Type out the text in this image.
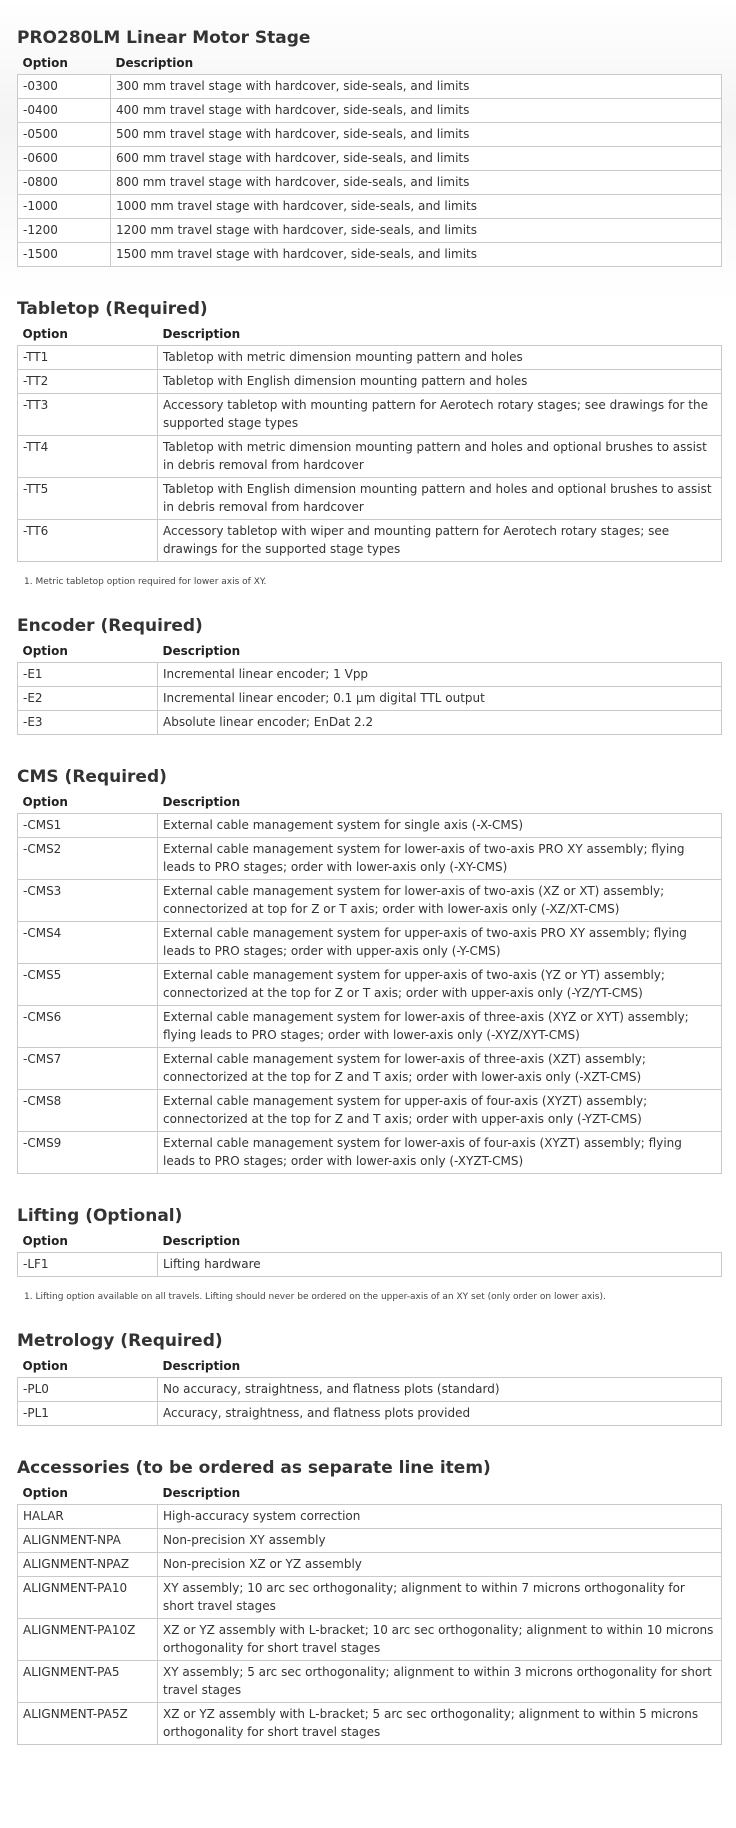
PRO280LM Linear Motor Stage
Option	Description
-0300	300 mm travel stage with hardcover, side-seals, and limits
-0400	400 mm travel stage with hardcover, side-seals, and limits
-0500	500 mm travel stage with hardcover, side-seals, and limits
-0600	600 mm travel stage with hardcover, side-seals, and limits
-0800	800 mm travel stage with hardcover, side-seals, and limits
-1000	1000 mm travel stage with hardcover, side-seals, and limits
-1200	1200 mm travel stage with hardcover, side-seals, and limits
-1500	1500 mm travel stage with hardcover, side-seals, and limits
Tabletop (Required)
Option	Description
-TT1	Tabletop with metric dimension mounting pattern and holes
-TT2	Tabletop with English dimension mounting pattern and holes
-TT3	Accessory tabletop with mounting pattern for Aerotech rotary stages; see drawings for the supported stage types
-TT4	Tabletop with metric dimension mounting pattern and holes and optional brushes to assist in debris removal from hardcover
-TT5	Tabletop with English dimension mounting pattern and holes and optional brushes to assist in debris removal from hardcover
-TT6	Accessory tabletop with wiper and mounting pattern for Aerotech rotary stages; see drawings for the supported stage types
1. Metric tabletop option required for lower axis of XY.
Encoder (Required)
Option	Description
-E1	Incremental linear encoder; 1 Vpp
-E2	Incremental linear encoder; 0.1 µm digital TTL output
-E3	Absolute linear encoder; EnDat 2.2
CMS (Required)
Option	Description
-CMS1	External cable management system for single axis (-X-CMS)
-CMS2	External cable management system for lower-axis of two-axis PRO XY assembly; flying leads to PRO stages; order with lower-axis only (-XY-CMS)
-CMS3	External cable management system for lower-axis of two-axis (XZ or XT) assembly; connectorized at top for Z or T axis; order with lower-axis only (-XZ/XT-CMS)
-CMS4	External cable management system for upper-axis of two-axis PRO XY assembly; flying leads to PRO stages; order with upper-axis only (-Y-CMS)
-CMS5	External cable management system for upper-axis of two-axis (YZ or YT) assembly; connectorized at the top for Z or T axis; order with upper-axis only (-YZ/YT-CMS)
-CMS6	External cable management system for lower-axis of three-axis (XYZ or XYT) assembly; flying leads to PRO stages; order with lower-axis only (-XYZ/XYT-CMS)
-CMS7	External cable management system for lower-axis of three-axis (XZT) assembly; connectorized at the top for Z and T axis; order with lower-axis only (-XZT-CMS)
-CMS8	External cable management system for upper-axis of four-axis (XYZT) assembly; connectorized at the top for Z and T axis; order with upper-axis only (-YZT-CMS)
-CMS9	External cable management system for lower-axis of four-axis (XYZT) assembly; flying leads to PRO stages; order with lower-axis only (-XYZT-CMS)
Lifting (Optional)
Option	Description
-LF1	Lifting hardware
1. Lifting option available on all travels. Lifting should never be ordered on the upper-axis of an XY set (only order on lower axis).
Metrology (Required)
Option	Description
-PL0	No accuracy, straightness, and flatness plots (standard)
-PL1	Accuracy, straightness, and flatness plots provided
Accessories (to be ordered as separate line item)
Option	Description
HALAR	High-accuracy system correction
ALIGNMENT-NPA	Non-precision XY assembly
ALIGNMENT-NPAZ	Non-precision XZ or YZ assembly
ALIGNMENT-PA10	XY assembly; 10 arc sec orthogonality; alignment to within 7 microns orthogonality for short travel stages
ALIGNMENT-PA10Z	XZ or YZ assembly with L-bracket; 10 arc sec orthogonality; alignment to within 10 microns orthogonality for short travel stages
ALIGNMENT-PA5	XY assembly; 5 arc sec orthogonality; alignment to within 3 microns orthogonality for short travel stages
ALIGNMENT-PA5Z	XZ or YZ assembly with L-bracket; 5 arc sec orthogonality; alignment to within 5 microns orthogonality for short travel stages
